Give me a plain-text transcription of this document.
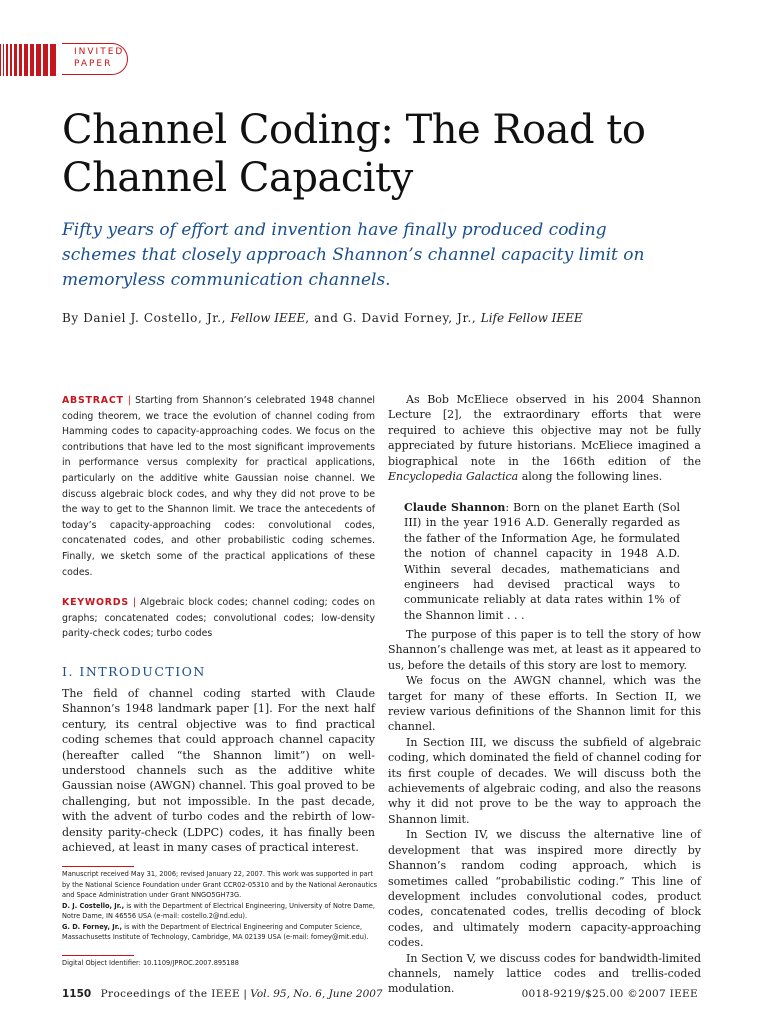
INVITED
PAPER
Channel Coding: The Road to Channel Capacity

Fifty years of effort and invention have finally produced coding schemes that closely approach Shannon’s channel capacity limit on memoryless communication channels.

By Daniel J. Costello, Jr., Fellow IEEE, and G. David Forney, Jr., Life Fellow IEEE
ABSTRACT | Starting from Shannon’s celebrated 1948 channel coding theorem, we trace the evolution of channel coding from Hamming codes to capacity-approaching codes. We focus on the contributions that have led to the most significant improvements in performance versus complexity for practical applications, particularly on the additive white Gaussian noise channel. We discuss algebraic block codes, and why they did not prove to be the way to get to the Shannon limit. We trace the antecedents of today’s capacity-approaching codes: convolutional codes, concatenated codes, and other probabilistic coding schemes. Finally, we sketch some of the practical applications of these codes.
KEYWORDS | Algebraic block codes; channel coding; codes on graphs; concatenated codes; convolutional codes; low-density parity-check codes; turbo codes
I. INTRODUCTION

The field of channel coding started with Claude Shannon’s 1948 landmark paper [1]. For the next half century, its central objective was to find practical coding schemes that could approach channel capacity (hereafter called “the Shannon limit”) on well-understood channels such as the additive white Gaussian noise (AWGN) channel. This goal proved to be challenging, but not impossible. In the past decade, with the advent of turbo codes and the rebirth of low-density parity-check (LDPC) codes, it has finally been achieved, at least in many cases of practical interest.

Manuscript received May 31, 2006; revised January 22, 2007. This work was supported in part by the National Science Foundation under Grant CCR02-05310 and by the National Aeronautics and Space Administration under Grant NNGO5GH73G.
D. J. Costello, Jr., is with the Department of Electrical Engineering, University of Notre Dame, Notre Dame, IN 46556 USA (e-mail: costello.2@nd.edu).
G. D. Forney, Jr., is with the Department of Electrical Engineering and Computer Science, Massachusetts Institute of Technology, Cambridge, MA 02139 USA (e-mail: forney@mit.edu).
Digital Object Identifier: 10.1109/JPROC.2007.895188

As Bob McEliece observed in his 2004 Shannon Lecture [2], the extraordinary efforts that were required to achieve this objective may not be fully appreciated by future historians. McEliece imagined a biographical note in the 166th edition of the Encyclopedia Galactica along the following lines.

Claude Shannon: Born on the planet Earth (Sol III) in the year 1916 A.D. Generally regarded as the father of the Information Age, he formulated the notion of channel capacity in 1948 A.D. Within several decades, mathematicians and engineers had devised practical ways to communicate reliably at data rates within 1% of the Shannon limit . . .

The purpose of this paper is to tell the story of how Shannon’s challenge was met, at least as it appeared to us, before the details of this story are lost to memory.

We focus on the AWGN channel, which was the target for many of these efforts. In Section II, we review various definitions of the Shannon limit for this channel.

In Section III, we discuss the subfield of algebraic coding, which dominated the field of channel coding for its first couple of decades. We will discuss both the achievements of algebraic coding, and also the reasons why it did not prove to be the way to approach the Shannon limit.

In Section IV, we discuss the alternative line of development that was inspired more directly by Shannon’s random coding approach, which is sometimes called “probabilistic coding.” This line of development includes convolutional codes, product codes, concatenated codes, trellis decoding of block codes, and ultimately modern capacity-approaching codes.

In Section V, we discuss codes for bandwidth-limited channels, namely lattice codes and trellis-coded modulation.

1150 Proceedings of the IEEE | Vol. 95, No. 6, June 2007	0018-9219/$25.00 ©2007 IEEE
